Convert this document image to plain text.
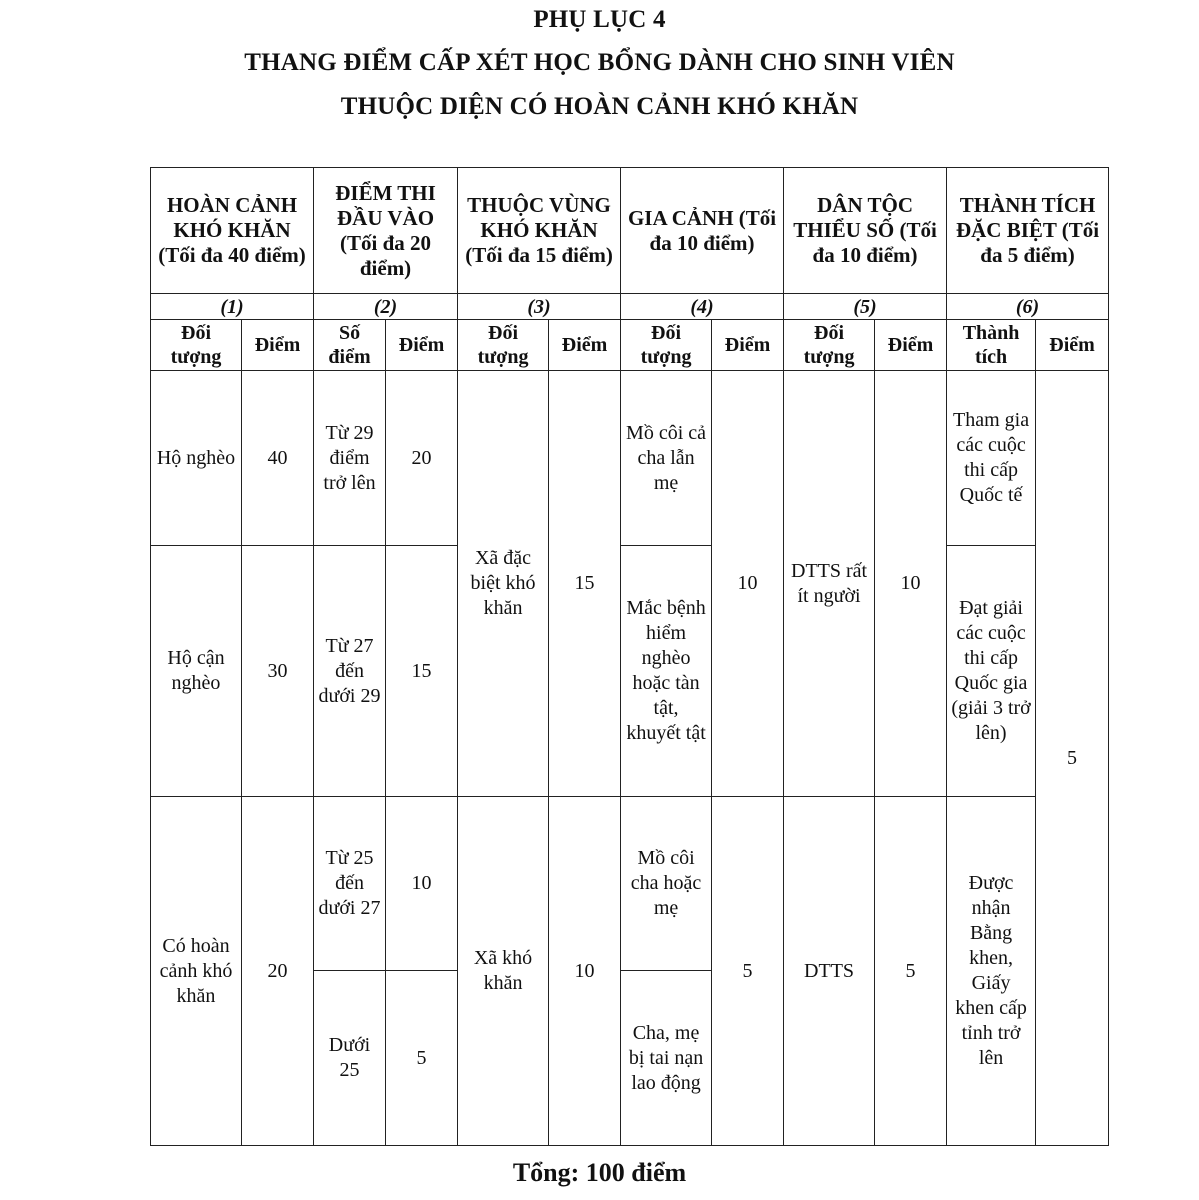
PHỤ LỤC 4
THANG ĐIỂM CẤP XÉT HỌC BỔNG DÀNH CHO SINH VIÊN
THUỘC DIỆN CÓ HOÀN CẢNH KHÓ KHĂN
HOÀN CẢNH KHÓ KHĂN (Tối đa 40 điểm)		ĐIỂM THI ĐẦU VÀO (Tối đa 20 điểm)		THUỘC VÙNG KHÓ KHĂN (Tối đa 15 điểm)		GIA CẢNH (Tối đa 10 điểm)		DÂN TỘC THIỂU SỐ (Tối đa 10 điểm)		THÀNH TÍCH ĐẶC BIỆT (Tối đa 5 điểm)	
(1)		(2)		(3)		(4)		(5)		(6)	
Đối tượng	Điểm	Số điểm	Điểm	Đối tượng	Điểm	Đối tượng	Điểm	Đối tượng	Điểm	Thành tích	Điểm
Hộ nghèo	40	Từ 29 điểm trở lên	20	Xã đặc biệt khó khăn	15	Mồ côi cả cha lẫn mẹ	10	DTTS rất ít người	10	Tham gia các cuộc thi cấp Quốc tế	5
Hộ cận nghèo	30	Từ 27 đến dưới 29	15			Mắc bệnh hiểm nghèo hoặc tàn tật, khuyết tật				Đạt giải các cuộc thi cấp Quốc gia (giải 3 trở lên)	
Có hoàn cảnh khó khăn	20	Từ 25 đến dưới 27	10	Xã khó khăn	10	Mồ côi cha hoặc mẹ	5	DTTS	5	Được nhận Bằng khen, Giấy khen cấp tỉnh trở lên	
		Dưới 25	5			Cha, mẹ bị tai nạn lao động					
Tổng: 100 điểm
